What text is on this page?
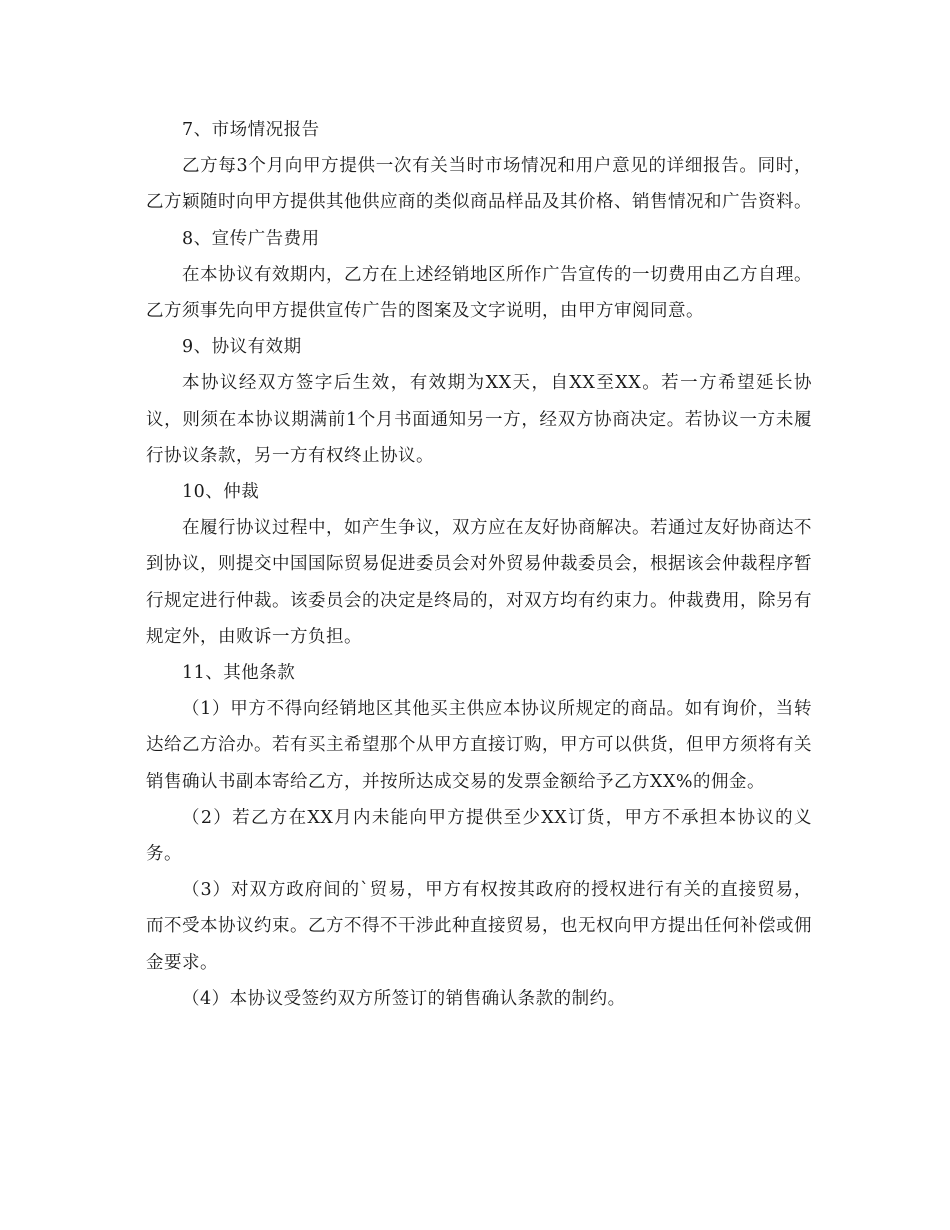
7、市场情况报告

乙方每3个月向甲方提供一次有关当时市场情况和用户意见的详细报告。同时，乙方颖随时向甲方提供其他供应商的类似商品样品及其价格、销售情况和广告资料。

8、宣传广告费用

在本协议有效期内，乙方在上述经销地区所作广告宣传的一切费用由乙方自理。乙方须事先向甲方提供宣传广告的图案及文字说明，由甲方审阅同意。

9、协议有效期

本协议经双方签字后生效，有效期为XX天，自XX至XX。若一方希望延长协议，则须在本协议期满前1个月书面通知另一方，经双方协商决定。若协议一方未履行协议条款，另一方有权终止协议。

10、仲裁

在履行协议过程中，如产生争议，双方应在友好协商解决。若通过友好协商达不到协议，则提交中国国际贸易促进委员会对外贸易仲裁委员会，根据该会仲裁程序暂行规定进行仲裁。该委员会的决定是终局的，对双方均有约束力。仲裁费用，除另有规定外，由败诉一方负担。

11、其他条款

（1）甲方不得向经销地区其他买主供应本协议所规定的商品。如有询价，当转达给乙方洽办。若有买主希望那个从甲方直接订购，甲方可以供货，但甲方须将有关销售确认书副本寄给乙方，并按所达成交易的发票金额给予乙方XX%的佣金。

（2）若乙方在XX月内未能向甲方提供至少XX订货，甲方不承担本协议的义务。

（3）对双方政府间的`贸易，甲方有权按其政府的授权进行有关的直接贸易，而不受本协议约束。乙方不得不干涉此种直接贸易，也无权向甲方提出任何补偿或佣金要求。

（4）本协议受签约双方所签订的销售确认条款的制约。
